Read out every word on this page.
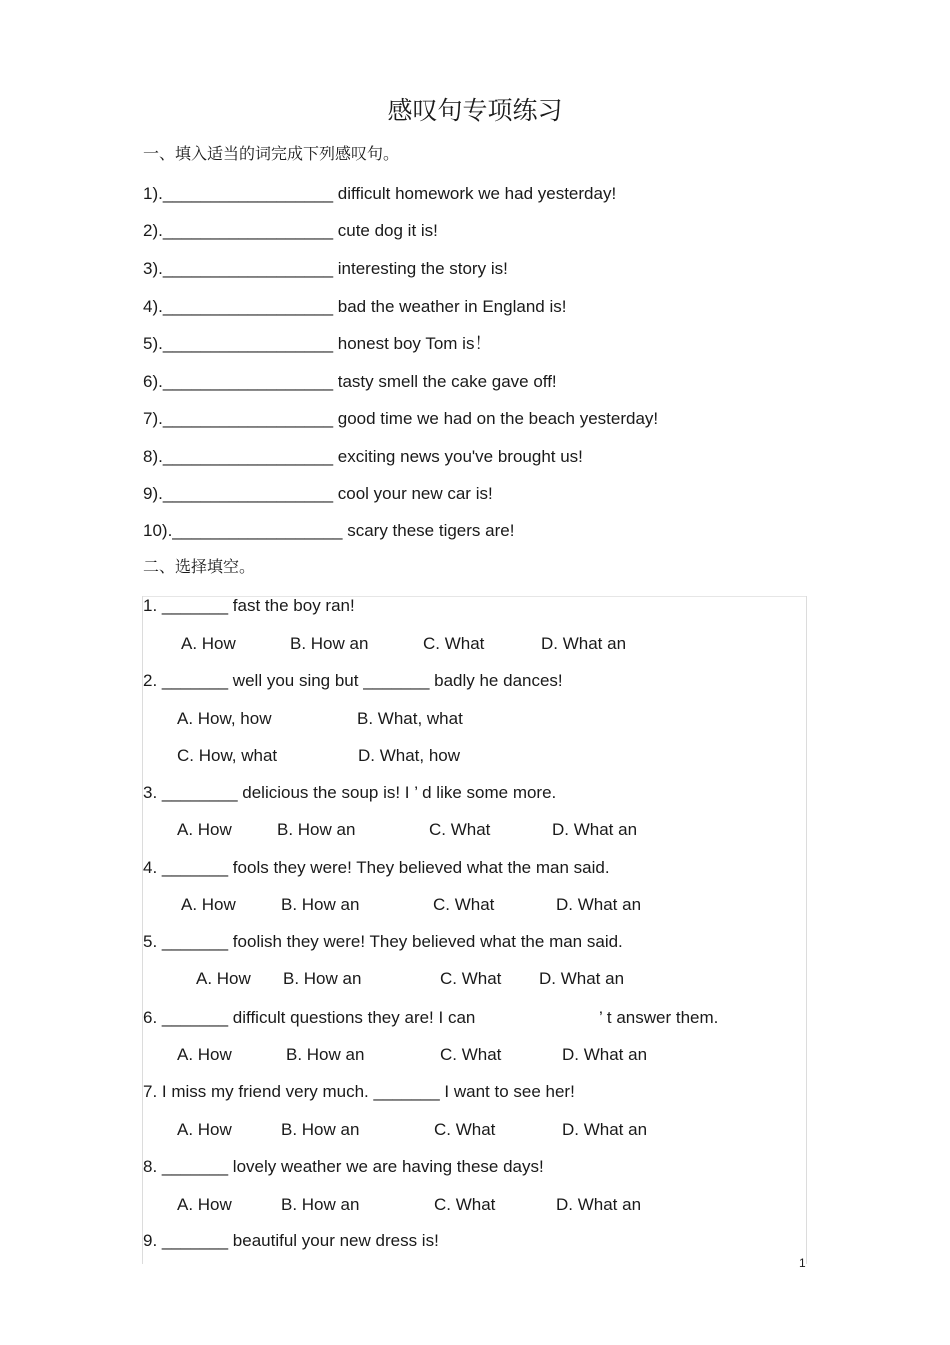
感叹句专项练习
一、填入适当的词完成下列感叹句。
1).__________________ difficult homework we had yesterday!
2).__________________ cute dog it is!
3).__________________ interesting the story is!
4).__________________ bad the weather in England is!
5).__________________ honest boy Tom is！
6).__________________ tasty smell the cake gave off!
7).__________________ good time we had on the beach yesterday!
8).__________________ exciting news you've brought us!
9).__________________ cool your new car is!
10).__________________ scary these tigers are!
二、选择填空。
1. _______ fast the boy ran!
A. How	B. How an	C. What	D. What an
2. _______ well you sing but _______ badly he dances!
A. How, how	B. What, what
C. How, what	D. What, how
3. ________ delicious the soup is! I ’ d like some more.
A. How	B. How an	C. What	D. What an
4. _______ fools they were! They believed what the man said.
A. How	B. How an	C. What	D. What an
5. _______ foolish they were! They believed what the man said.
A. How B. How an	C. What D. What an
6. _______ difficult questions they are! I can	’ t answer them.
A. How	B. How an	C. What	D. What an
7. I miss my friend very much. _______ I want to see her!
A. How	B. How an	C. What	D. What an
8. _______ lovely weather we are having these days!
A. How	B. How an	C. What	D. What an
9. _______ beautiful your new dress is!
1
